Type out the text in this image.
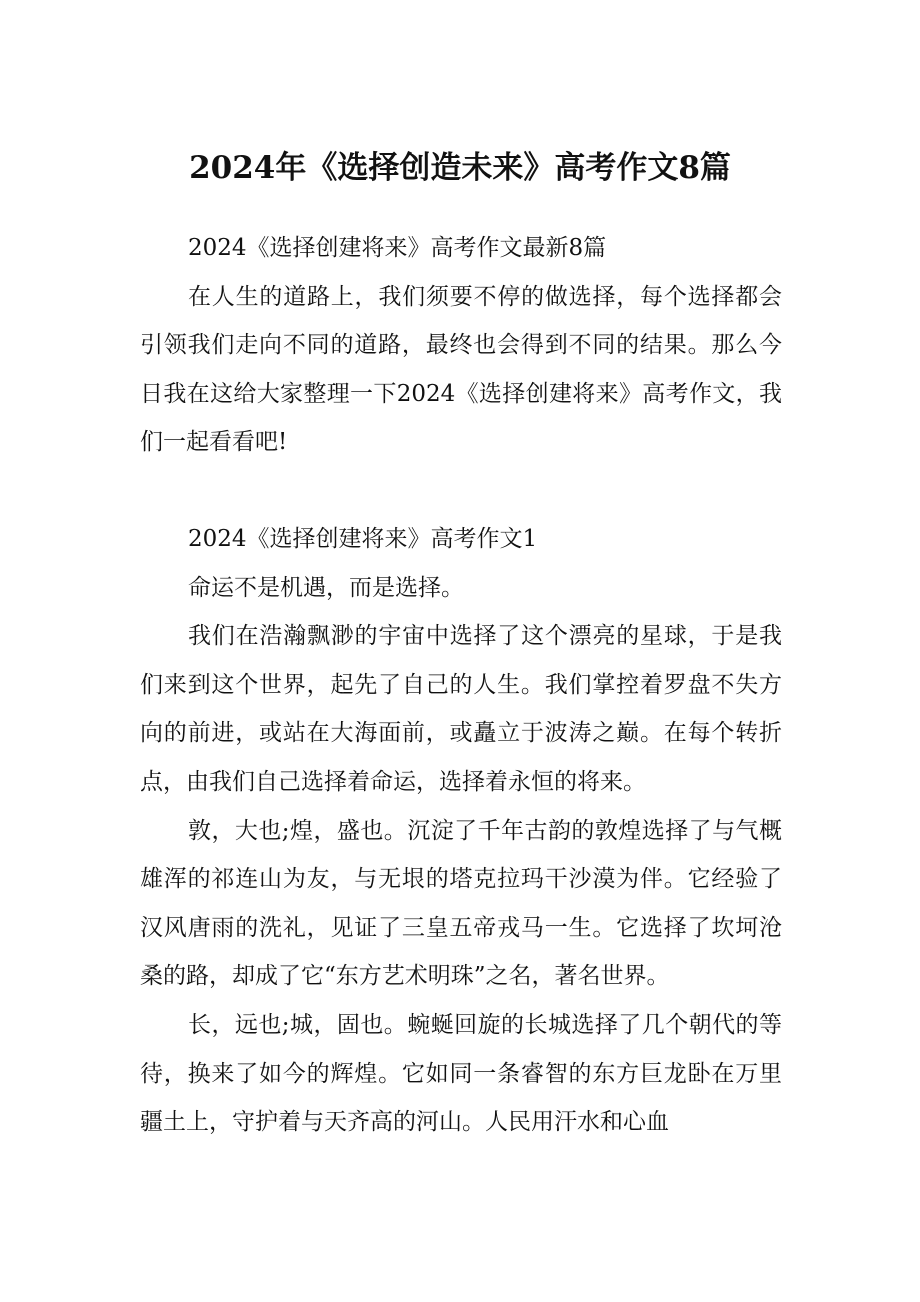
2024年《选择创造未来》高考作文8篇

2024《选择创建将来》高考作文最新8篇

在人生的道路上，我们须要不停的做选择，每个选择都会引领我们走向不同的道路，最终也会得到不同的结果。那么今日我在这给大家整理一下2024《选择创建将来》高考作文，我们一起看看吧!

2024《选择创建将来》高考作文1

命运不是机遇，而是选择。

我们在浩瀚飘渺的宇宙中选择了这个漂亮的星球，于是我们来到这个世界，起先了自己的人生。我们掌控着罗盘不失方向的前进，或站在大海面前，或矗立于波涛之巅。在每个转折点，由我们自己选择着命运，选择着永恒的将来。

敦，大也;煌，盛也。沉淀了千年古韵的敦煌选择了与气概雄浑的祁连山为友，与无垠的塔克拉玛干沙漠为伴。它经验了汉风唐雨的洗礼，见证了三皇五帝戎马一生。它选择了坎坷沧桑的路，却成了它“东方艺术明珠”之名，著名世界。

长，远也;城，固也。蜿蜒回旋的长城选择了几个朝代的等待，换来了如今的辉煌。它如同一条睿智的东方巨龙卧在万里疆土上，守护着与天齐高的河山。人民用汗水和心血
